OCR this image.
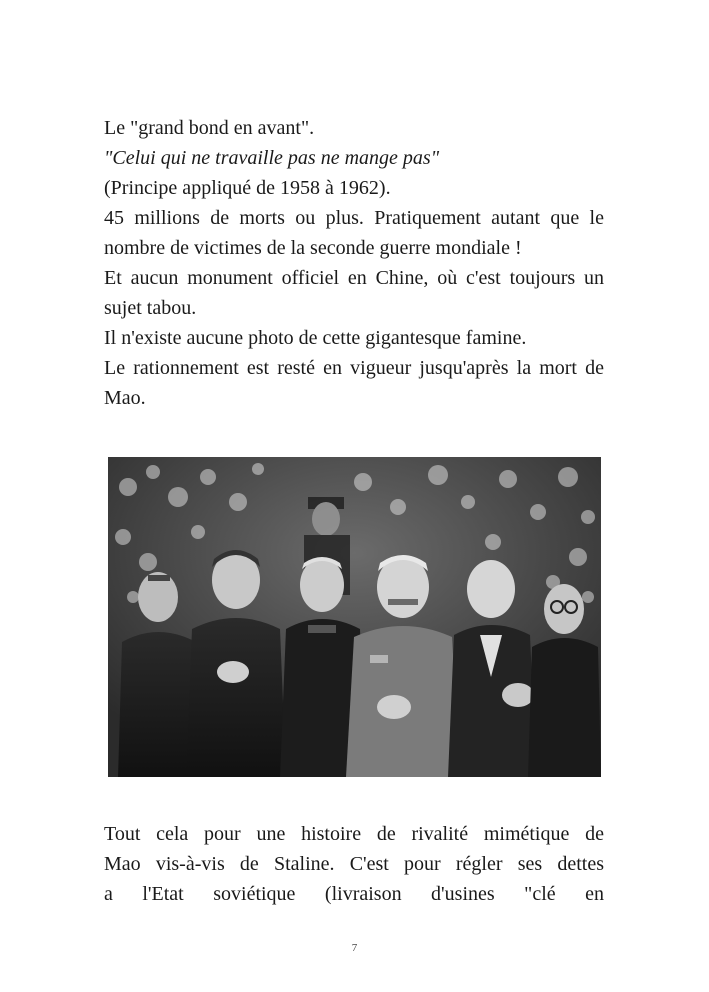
Le "grand bond en avant".

"Celui qui ne travaille pas ne mange pas"

(Principe appliqué de 1958 à 1962).

45 millions de morts ou plus. Pratiquement autant que le nombre de victimes de la seconde guerre mondiale !

Et aucun monument officiel en Chine, où c'est toujours un sujet tabou.

Il n'existe aucune photo de cette gigantesque famine.

Le rationnement est resté en vigueur jusqu'après la mort de Mao.

Tout cela pour une histoire de rivalité mimétique de

Mao vis-à-vis de Staline. C'est pour régler ses dettes

a l'Etat soviétique (livraison d'usines "clé en

7
